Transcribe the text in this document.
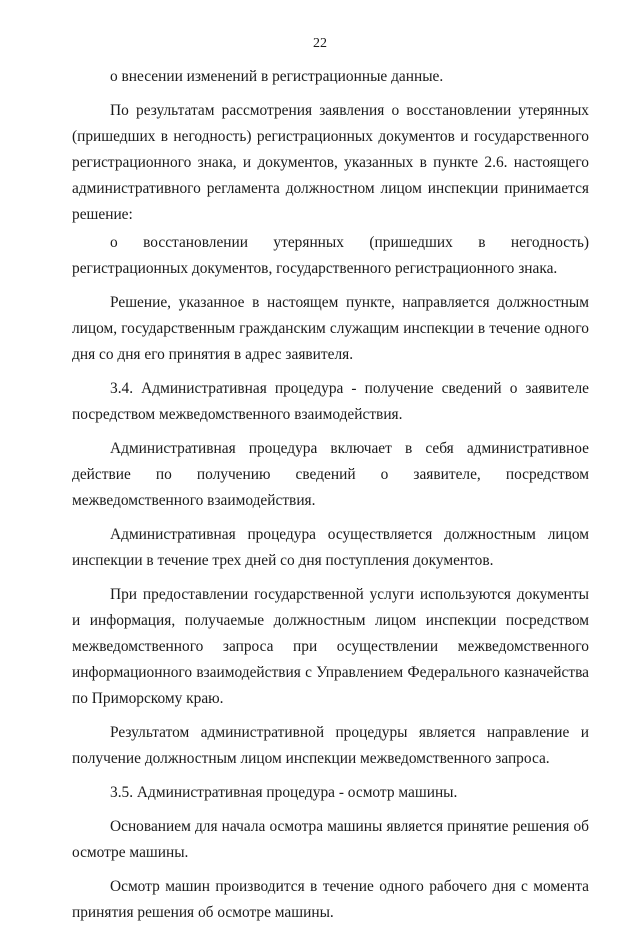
22

о внесении изменений в регистрационные данные.

По результатам рассмотрения заявления о восстановлении утерянных (пришедших в негодность) регистрационных документов и государственного регистрационного знака, и документов, указанных в пункте 2.6. настоящего административного регламента должностном лицом инспекции принимается решение:

о восстановлении утерянных (пришедших в негодность) регистрационных документов, государственного регистрационного знака.

Решение, указанное в настоящем пункте, направляется должностным лицом, государственным гражданским служащим инспекции в течение одного дня со дня его принятия в адрес заявителя.

3.4. Административная процедура - получение сведений о заявителе посредством межведомственного взаимодействия.

Административная процедура включает в себя административное действие по получению сведений о заявителе, посредством межведомственного взаимодействия.

Административная процедура осуществляется должностным лицом инспекции в течение трех дней со дня поступления документов.

При предоставлении государственной услуги используются документы и информация, получаемые должностным лицом инспекции посредством межведомственного запроса при осуществлении межведомственного информационного взаимодействия с Управлением Федерального казначейства по Приморскому краю.

Результатом административной процедуры является направление и получение должностным лицом инспекции межведомственного запроса.

3.5. Административная процедура - осмотр машины.

Основанием для начала осмотра машины является принятие решения об осмотре машины.

Осмотр машин производится в течение одного рабочего дня с момента принятия решения об осмотре машины.
